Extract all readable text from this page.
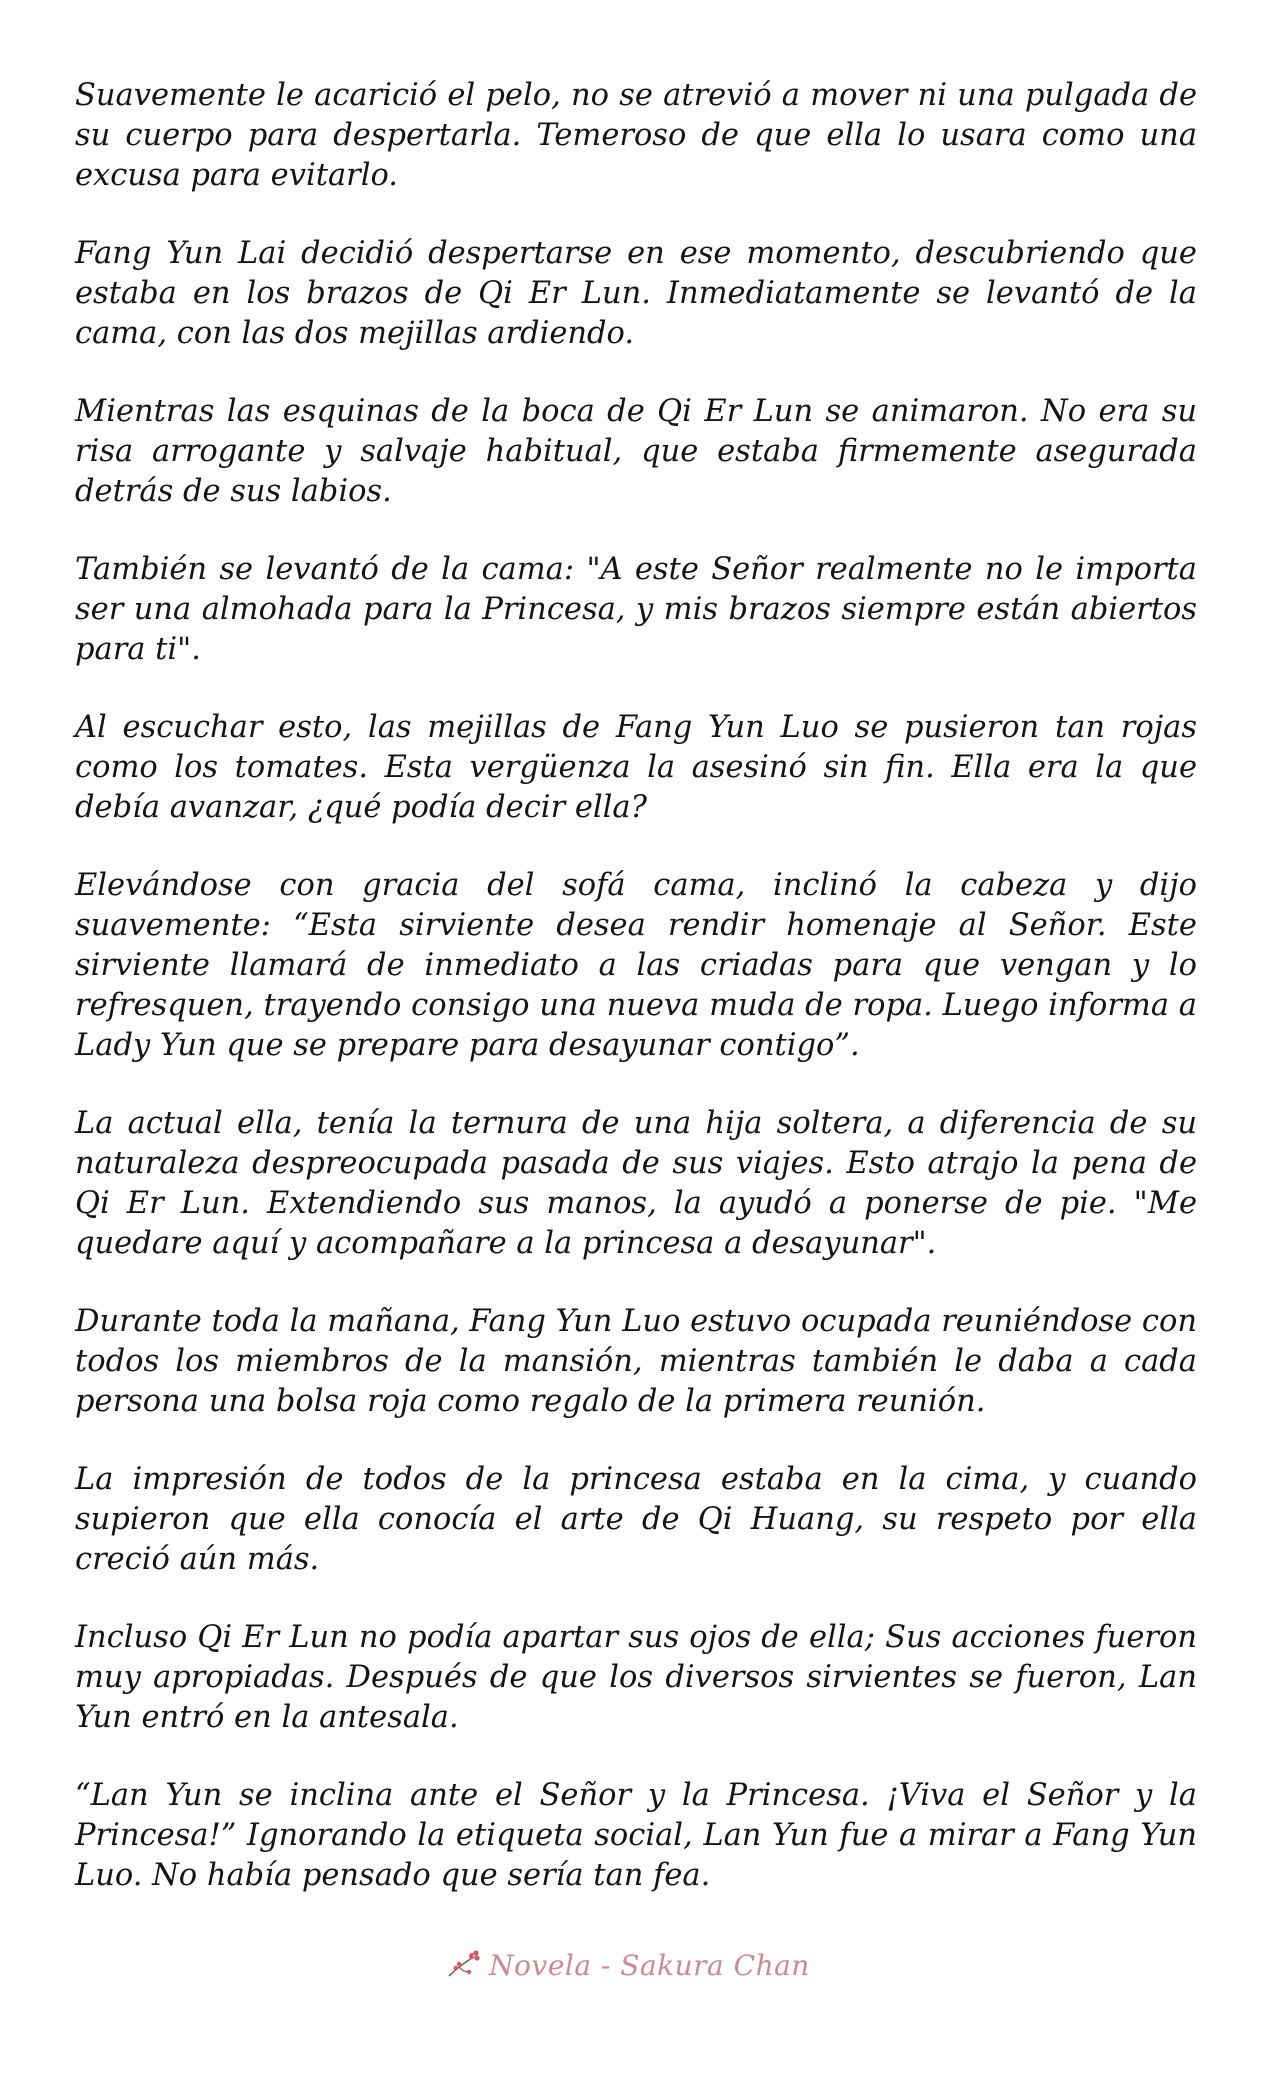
Suavemente le acarició el pelo, no se atrevió a mover ni una pulgada de su cuerpo para despertarla. Temeroso de que ella lo usara como una excusa para evitarlo.

Fang Yun Lai decidió despertarse en ese momento, descubriendo que estaba en los brazos de Qi Er Lun. Inmediatamente se levantó de la cama, con las dos mejillas ardiendo.

Mientras las esquinas de la boca de Qi Er Lun se animaron. No era su risa arrogante y salvaje habitual, que estaba firmemente asegurada detrás de sus labios.

También se levantó de la cama: "A este Señor realmente no le importa ser una almohada para la Princesa, y mis brazos siempre están abiertos para ti".

Al escuchar esto, las mejillas de Fang Yun Luo se pusieron tan rojas como los tomates. Esta vergüenza la asesinó sin fin. Ella era la que debía avanzar, ¿qué podía decir ella?

Elevándose con gracia del sofá cama, inclinó la cabeza y dijo suavemente: “Esta sirviente desea rendir homenaje al Señor. Este sirviente llamará de inmediato a las criadas para que vengan y lo refresquen, trayendo consigo una nueva muda de ropa. Luego informa a Lady Yun que se prepare para desayunar contigo”.

La actual ella, tenía la ternura de una hija soltera, a diferencia de su naturaleza despreocupada pasada de sus viajes. Esto atrajo la pena de Qi Er Lun. Extendiendo sus manos, la ayudó a ponerse de pie. "Me quedare aquí y acompañare a la princesa a desayunar".

Durante toda la mañana, Fang Yun Luo estuvo ocupada reuniéndose con todos los miembros de la mansión, mientras también le daba a cada persona una bolsa roja como regalo de la primera reunión.

La impresión de todos de la princesa estaba en la cima, y cuando supieron que ella conocía el arte de Qi Huang, su respeto por ella creció aún más.

Incluso Qi Er Lun no podía apartar sus ojos de ella; Sus acciones fueron muy apropiadas. Después de que los diversos sirvientes se fueron, Lan Yun entró en la antesala.

“Lan Yun se inclina ante el Señor y la Princesa. ¡Viva el Señor y la Princesa!” Ignorando la etiqueta social, Lan Yun fue a mirar a Fang Yun Luo. No había pensado que sería tan fea.

Novela - Sakura Chan
